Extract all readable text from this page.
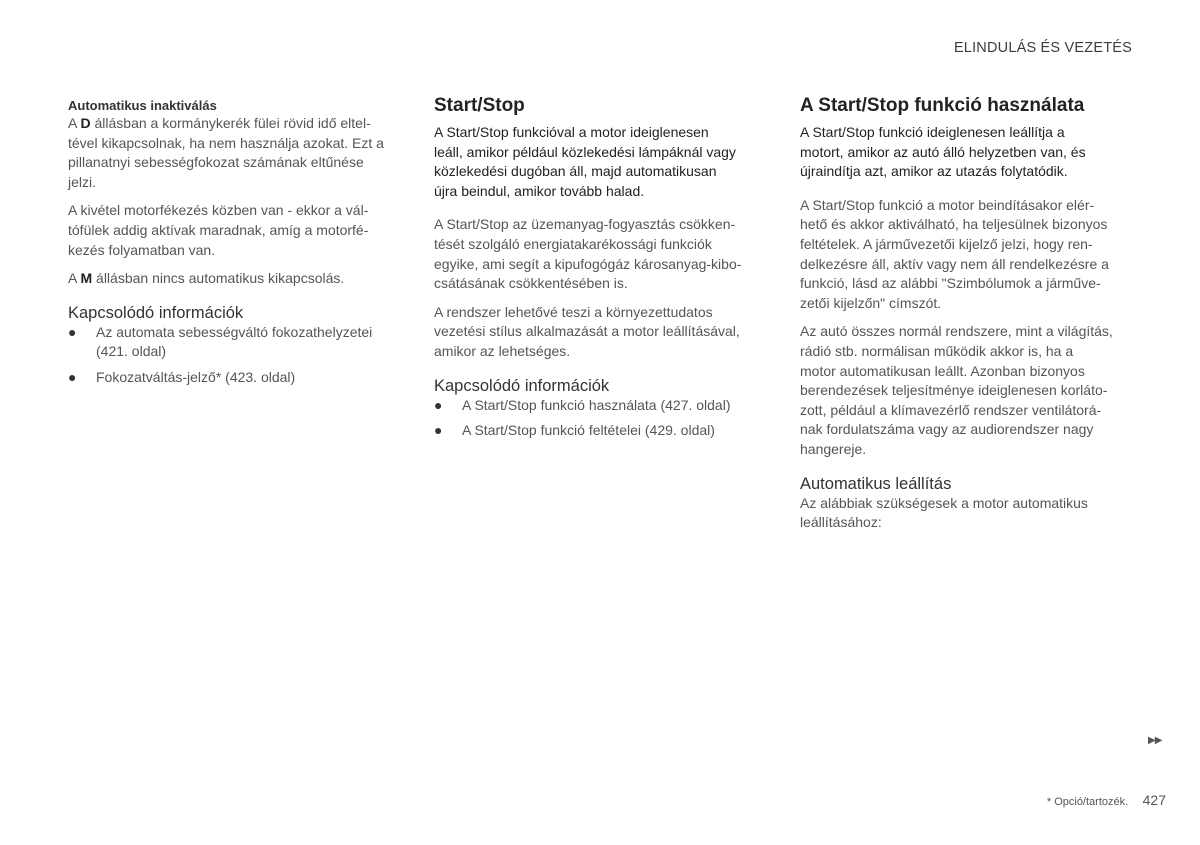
ELINDULÁS ÉS VEZETÉS
Automatikus inaktiválás

A D állásban a kormánykerék fülei rövid idő eltel-
tével kikapcsolnak, ha nem használja azokat. Ezt a
pillanatnyi sebességfokozat számának eltűnése
jelzi.

A kivétel motorfékezés közben van - ekkor a vál-
tófülek addig aktívak maradnak, amíg a motorfé-
kezés folyamatban van.

A M állásban nincs automatikus kikapcsolás.

Kapcsolódó információk
● Az automata sebességváltó fokozathelyzetei
(421. oldal)
● Fokozatváltás-jelző* (423. oldal)
Start/Stop

A Start/Stop funkcióval a motor ideiglenesen
leáll, amikor például közlekedési lámpáknál vagy
közlekedési dugóban áll, majd automatikusan
újra beindul, amikor tovább halad.

A Start/Stop az üzemanyag-fogyasztás csökken-
tését szolgáló energiatakarékossági funkciók
egyike, ami segít a kipufogógáz károsanyag-kibo-
csátásának csökkentésében is.

A rendszer lehetővé teszi a környezettudatos
vezetési stílus alkalmazását a motor leállításával,
amikor az lehetséges.

Kapcsolódó információk
● A Start/Stop funkció használata (427. oldal)
● A Start/Stop funkció feltételei (429. oldal)
A Start/Stop funkció használata

A Start/Stop funkció ideiglenesen leállítja a
motort, amikor az autó álló helyzetben van, és
újraindítja azt, amikor az utazás folytatódik.

A Start/Stop funkció a motor beindításakor elér-
hető és akkor aktiválható, ha teljesülnek bizonyos
feltételek. A járművezetői kijelző jelzi, hogy ren-
delkezésre áll, aktív vagy nem áll rendelkezésre a
funkció, lásd az alábbi "Szimbólumok a járműve-
zetői kijelzőn" címszót.

Az autó összes normál rendszere, mint a világítás,
rádió stb. normálisan működik akkor is, ha a
motor automatikusan leállt. Azonban bizonyos
berendezések teljesítménye ideiglenesen korláto-
zott, például a klímavezérlő rendszer ventilátorá-
nak fordulatszáma vagy az audiorendszer nagy
hangereje.

Automatikus leállítás

Az alábbiak szükségesek a motor automatikus
leállításához:

▶▶
* Opció/tartozék. 427
